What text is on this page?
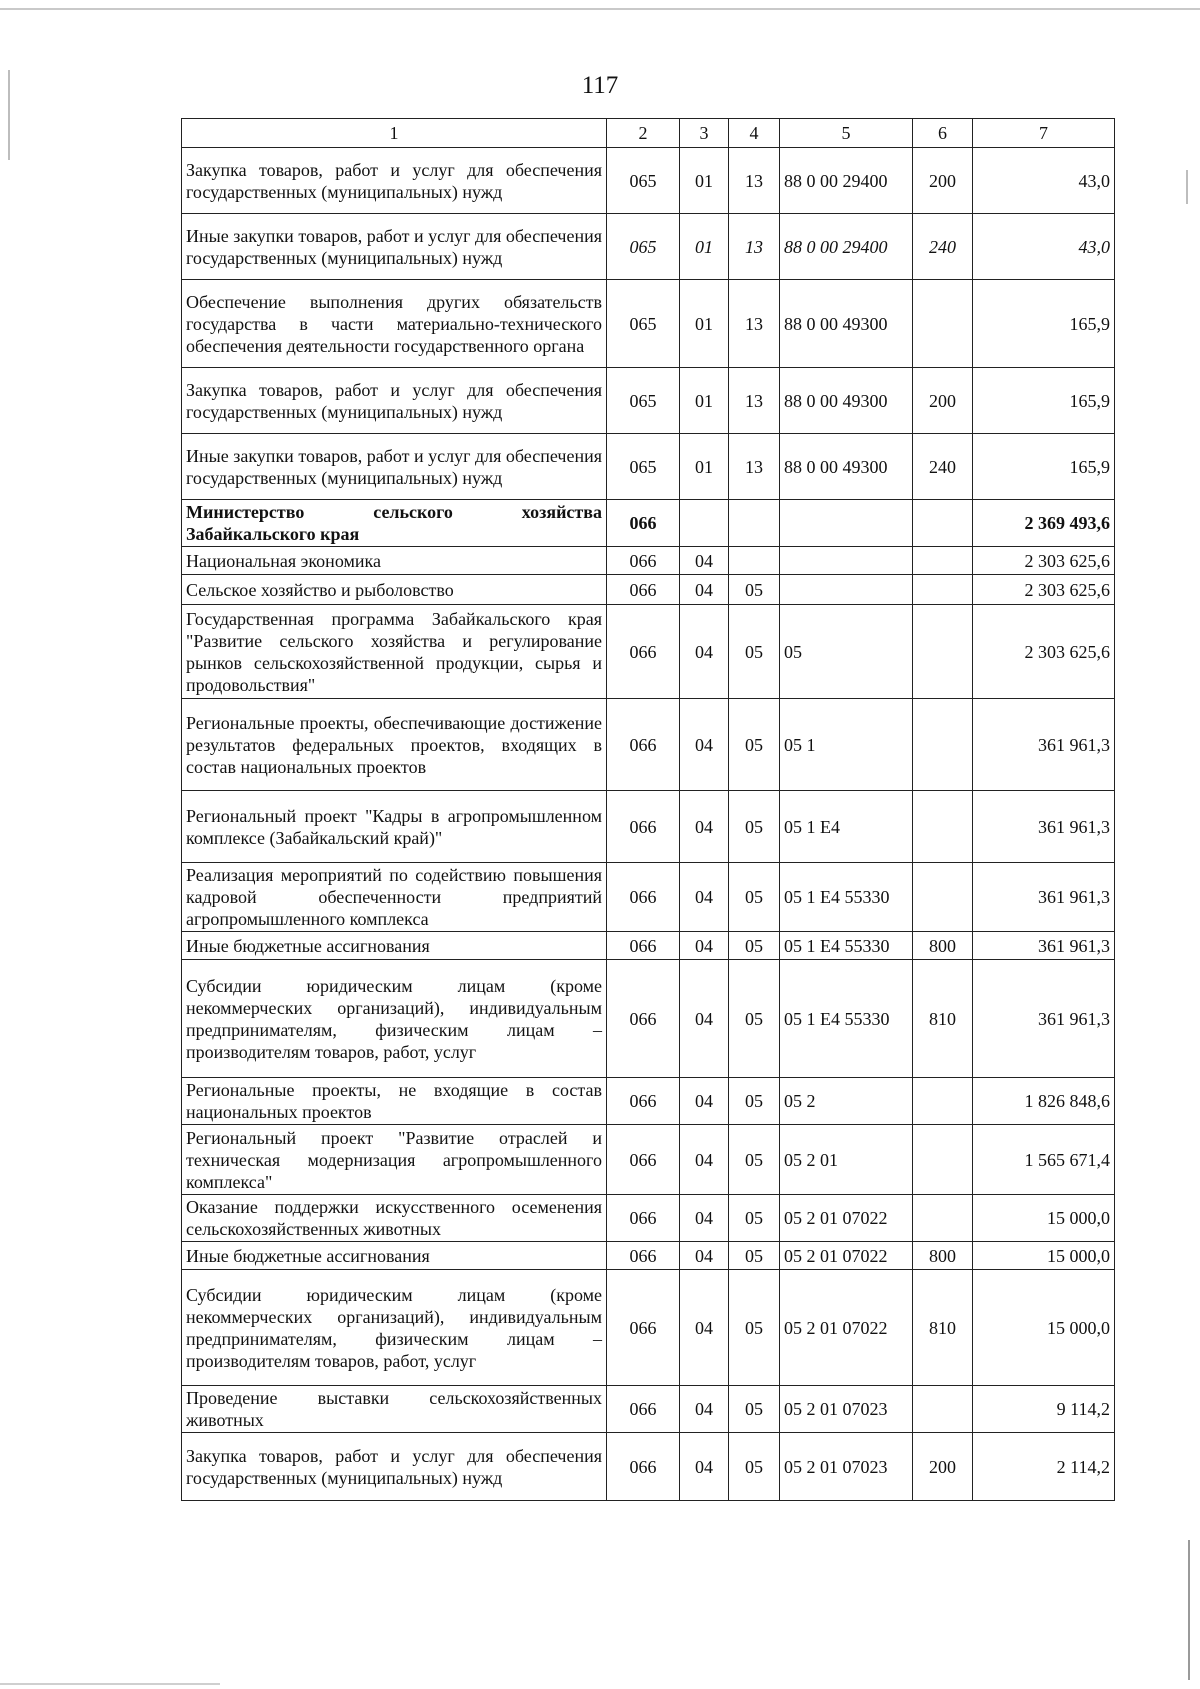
117
1	2	3	4	5	6	7
Закупка товаров, работ и услуг для обеспечения государственных (муниципальных) нужд	065	01	13	88 0 00 29400	200	43,0
Иные закупки товаров, работ и услуг для обеспечения государственных (муниципальных) нужд	065	01	13	88 0 00 29400	240	43,0
Обеспечение выполнения других обязательств государства в части материально-технического обеспечения деятельности государственного органа	065	01	13	88 0 00 49300		165,9
Закупка товаров, работ и услуг для обеспечения государственных (муниципальных) нужд	065	01	13	88 0 00 49300	200	165,9
Иные закупки товаров, работ и услуг для обеспечения государственных (муниципальных) нужд	065	01	13	88 0 00 49300	240	165,9
Министерство сельского хозяйства Забайкальского края	066					2 369 493,6
Национальная экономика	066	04				2 303 625,6
Сельское хозяйство и рыболовство	066	04	05			2 303 625,6
Государственная программа Забайкальского края "Развитие сельского хозяйства и регулирование рынков сельскохозяйственной продукции, сырья и продовольствия"	066	04	05	05		2 303 625,6
Региональные проекты, обеспечивающие достижение результатов федеральных проектов, входящих в состав национальных проектов	066	04	05	05 1		361 961,3
Региональный проект "Кадры в агропромышленном комплексе (Забайкальский край)"	066	04	05	05 1 Е4		361 961,3
Реализация мероприятий по содействию повышения кадровой обеспеченности предприятий агропромышленного комплекса	066	04	05	05 1 Е4 55330		361 961,3
Иные бюджетные ассигнования	066	04	05	05 1 Е4 55330	800	361 961,3
Субсидии юридическим лицам (кроме некоммерческих организаций), индивидуальным предпринимателям, физическим лицам – производителям товаров, работ, услуг	066	04	05	05 1 Е4 55330	810	361 961,3
Региональные проекты, не входящие в состав национальных проектов	066	04	05	05 2		1 826 848,6
Региональный проект "Развитие отраслей и техническая модернизация агропромышленного комплекса"	066	04	05	05 2 01		1 565 671,4
Оказание поддержки искусственного осеменения сельскохозяйственных животных	066	04	05	05 2 01 07022		15 000,0
Иные бюджетные ассигнования	066	04	05	05 2 01 07022	800	15 000,0
Субсидии юридическим лицам (кроме некоммерческих организаций), индивидуальным предпринимателям, физическим лицам – производителям товаров, работ, услуг	066	04	05	05 2 01 07022	810	15 000,0
Проведение выставки сельскохозяйственных животных	066	04	05	05 2 01 07023		9 114,2
Закупка товаров, работ и услуг для обеспечения государственных (муниципальных) нужд	066	04	05	05 2 01 07023	200	2 114,2
